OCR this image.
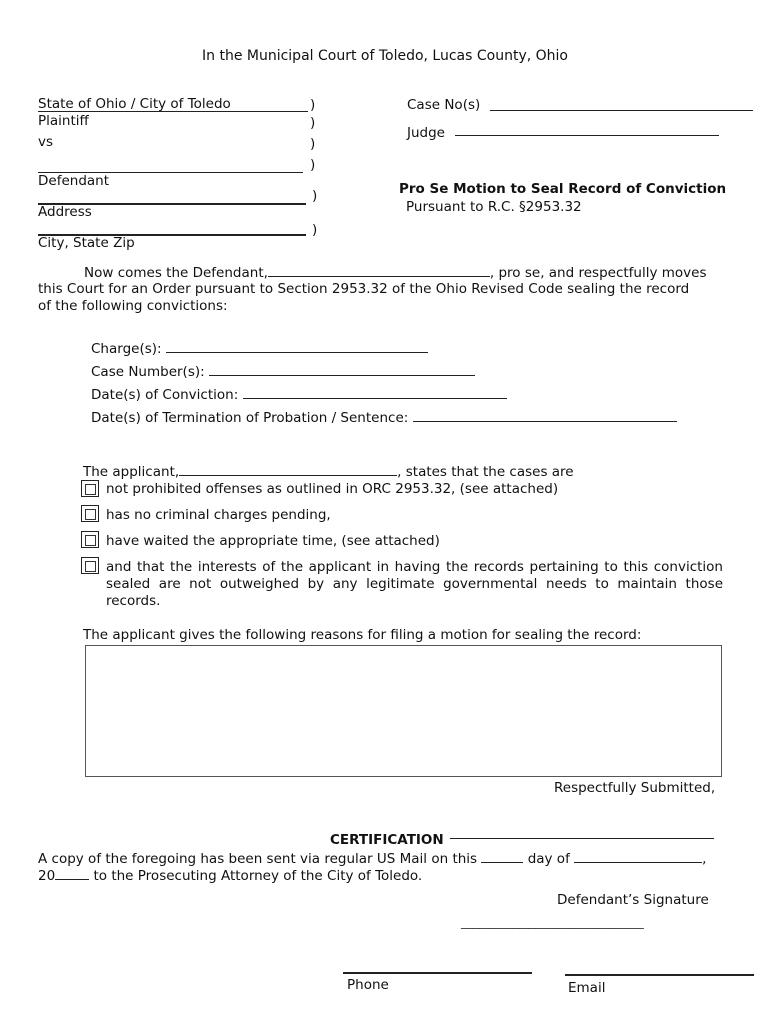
In the Municipal Court of Toledo, Lucas County, Ohio
State of Ohio / City of Toledo
Plaintiff
vs
Defendant
Address
City, State Zip
)
)
)
)
)
)
Case No(s)
Judge
Pro Se Motion to Seal Record of Conviction
Pursuant to R.C. §2953.32
Now comes the Defendant,	, pro se, and respectfully moves
this Court for an Order pursuant to Section 2953.32 of the Ohio Revised Code sealing the record
of the following convictions:
Charge(s):
Case Number(s):
Date(s) of Conviction:
Date(s) of Termination of Probation / Sentence:
The applicant,	, states that the cases are
not prohibited offenses as outlined in ORC 2953.32, (see attached)
has no criminal charges pending,
have waited the appropriate time, (see attached)
and that the interests of the applicant in having the records pertaining to this conviction sealed are not outweighed by any legitimate governmental needs to maintain those records.
The applicant gives the following reasons for filing a motion for sealing the record:
Respectfully Submitted,
CERTIFICATION
A copy of the foregoing has been sent via regular US Mail on this	day of	,
20	to the Prosecuting Attorney of the City of Toledo.
Defendant’s Signature
________________________________
Phone	Email
